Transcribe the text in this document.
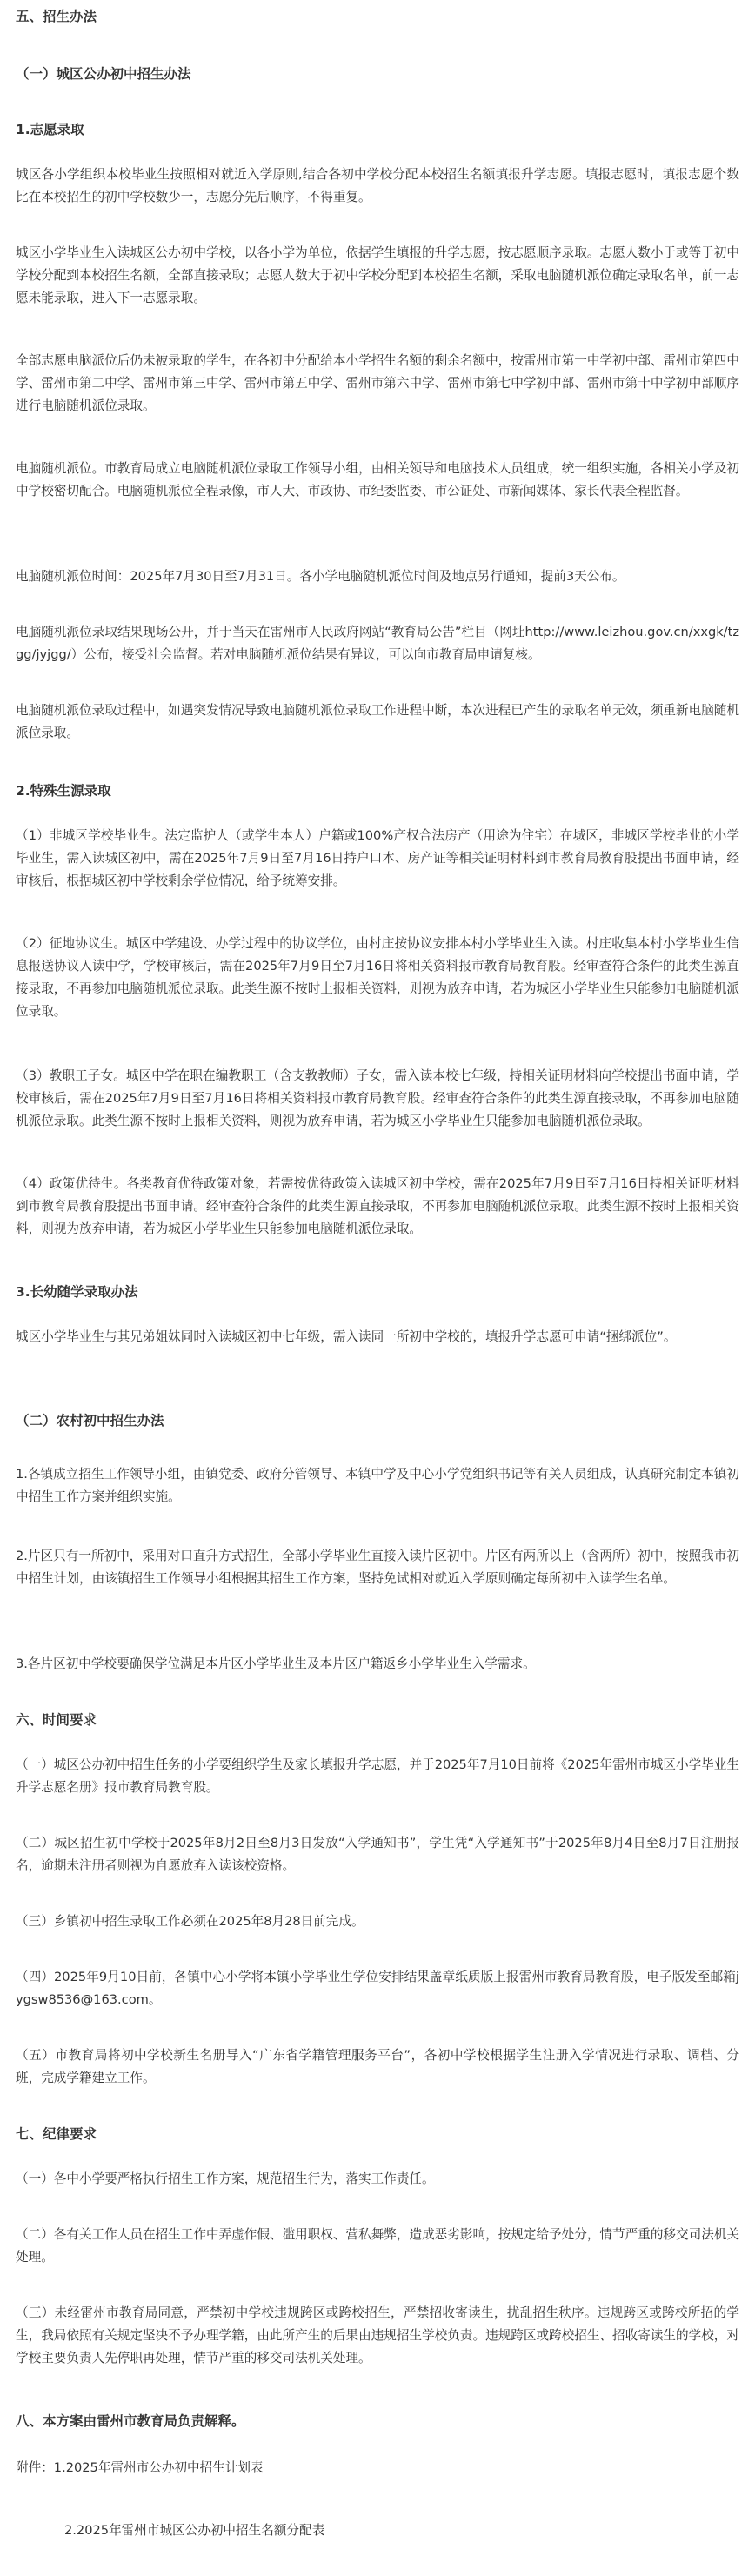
五、招生办法
（一）城区公办初中招生办法
1.志愿录取
城区各小学组织本校毕业生按照相对就近入学原则,结合各初中学校分配本校招生名额填报升学志愿。填报志愿时，填报志愿个数比在本校招生的初中学校数少一，志愿分先后顺序，不得重复。
城区小学毕业生入读城区公办初中学校，以各小学为单位，依据学生填报的升学志愿，按志愿顺序录取。志愿人数小于或等于初中学校分配到本校招生名额，全部直接录取；志愿人数大于初中学校分配到本校招生名额，采取电脑随机派位确定录取名单，前一志愿未能录取，进入下一志愿录取。
全部志愿电脑派位后仍未被录取的学生，在各初中分配给本小学招生名额的剩余名额中，按雷州市第一中学初中部、雷州市第四中学、雷州市第二中学、雷州市第三中学、雷州市第五中学、雷州市第六中学、雷州市第七中学初中部、雷州市第十中学初中部顺序进行电脑随机派位录取。
电脑随机派位。市教育局成立电脑随机派位录取工作领导小组，由相关领导和电脑技术人员组成，统一组织实施，各相关小学及初中学校密切配合。电脑随机派位全程录像，市人大、市政协、市纪委监委、市公证处、市新闻媒体、家长代表全程监督。
电脑随机派位时间：2025年7月30日至7月31日。各小学电脑随机派位时间及地点另行通知，提前3天公布。
电脑随机派位录取结果现场公开，并于当天在雷州市人民政府网站“教育局公告”栏目（网址http://www.leizhou.gov.cn/xxgk/tzgg/jyjgg/）公布，接受社会监督。若对电脑随机派位结果有异议，可以向市教育局申请复核。
电脑随机派位录取过程中，如遇突发情况导致电脑随机派位录取工作进程中断，本次进程已产生的录取名单无效，须重新电脑随机派位录取。
2.特殊生源录取
（1）非城区学校毕业生。法定监护人（或学生本人）户籍或100%产权合法房产（用途为住宅）在城区，非城区学校毕业的小学毕业生，需入读城区初中，需在2025年7月9日至7月16日持户口本、房产证等相关证明材料到市教育局教育股提出书面申请，经审核后，根据城区初中学校剩余学位情况，给予统筹安排。
（2）征地协议生。城区中学建设、办学过程中的协议学位，由村庄按协议安排本村小学毕业生入读。村庄收集本村小学毕业生信息报送协议入读中学，学校审核后，需在2025年7月9日至7月16日将相关资料报市教育局教育股。经审查符合条件的此类生源直接录取，不再参加电脑随机派位录取。此类生源不按时上报相关资料，则视为放弃申请，若为城区小学毕业生只能参加电脑随机派位录取。
（3）教职工子女。城区中学在职在编教职工（含支教教师）子女，需入读本校七年级，持相关证明材料向学校提出书面申请，学校审核后，需在2025年7月9日至7月16日将相关资料报市教育局教育股。经审查符合条件的此类生源直接录取，不再参加电脑随机派位录取。此类生源不按时上报相关资料，则视为放弃申请，若为城区小学毕业生只能参加电脑随机派位录取。
（4）政策优待生。各类教育优待政策对象，若需按优待政策入读城区初中学校，需在2025年7月9日至7月16日持相关证明材料到市教育局教育股提出书面申请。经审查符合条件的此类生源直接录取，不再参加电脑随机派位录取。此类生源不按时上报相关资料，则视为放弃申请，若为城区小学毕业生只能参加电脑随机派位录取。
3.长幼随学录取办法
城区小学毕业生与其兄弟姐妹同时入读城区初中七年级，需入读同一所初中学校的，填报升学志愿可申请“捆绑派位”。
（二）农村初中招生办法
1.各镇成立招生工作领导小组，由镇党委、政府分管领导、本镇中学及中心小学党组织书记等有关人员组成，认真研究制定本镇初中招生工作方案并组织实施。
2.片区只有一所初中，采用对口直升方式招生，全部小学毕业生直接入读片区初中。片区有两所以上（含两所）初中，按照我市初中招生计划，由该镇招生工作领导小组根据其招生工作方案，坚持免试相对就近入学原则确定每所初中入读学生名单。
3.各片区初中学校要确保学位满足本片区小学毕业生及本片区户籍返乡小学毕业生入学需求。
六、时间要求
（一）城区公办初中招生任务的小学要组织学生及家长填报升学志愿，并于2025年7月10日前将《2025年雷州市城区小学毕业生升学志愿名册》报市教育局教育股。
（二）城区招生初中学校于2025年8月2日至8月3日发放“入学通知书”，学生凭“入学通知书”于2025年8月4日至8月7日注册报名，逾期未注册者则视为自愿放弃入读该校资格。
（三）乡镇初中招生录取工作必须在2025年8月28日前完成。
（四）2025年9月10日前，各镇中心小学将本镇小学毕业生学位安排结果盖章纸质版上报雷州市教育局教育股，电子版发至邮箱jygsw8536@163.com。
（五）市教育局将初中学校新生名册导入“广东省学籍管理服务平台”，各初中学校根据学生注册入学情况进行录取、调档、分班，完成学籍建立工作。
七、纪律要求
（一）各中小学要严格执行招生工作方案，规范招生行为，落实工作责任。
（二）各有关工作人员在招生工作中弄虚作假、滥用职权、营私舞弊，造成恶劣影响，按规定给予处分，情节严重的移交司法机关处理。
（三）未经雷州市教育局同意，严禁初中学校违规跨区或跨校招生，严禁招收寄读生，扰乱招生秩序。违规跨区或跨校所招的学生，我局依照有关规定坚决不予办理学籍，由此所产生的后果由违规招生学校负责。违规跨区或跨校招生、招收寄读生的学校，对学校主要负责人先停职再处理，情节严重的移交司法机关处理。
八、本方案由雷州市教育局负责解释。
附件：1.2025年雷州市公办初中招生计划表
2.2025年雷州市城区公办初中招生名额分配表
